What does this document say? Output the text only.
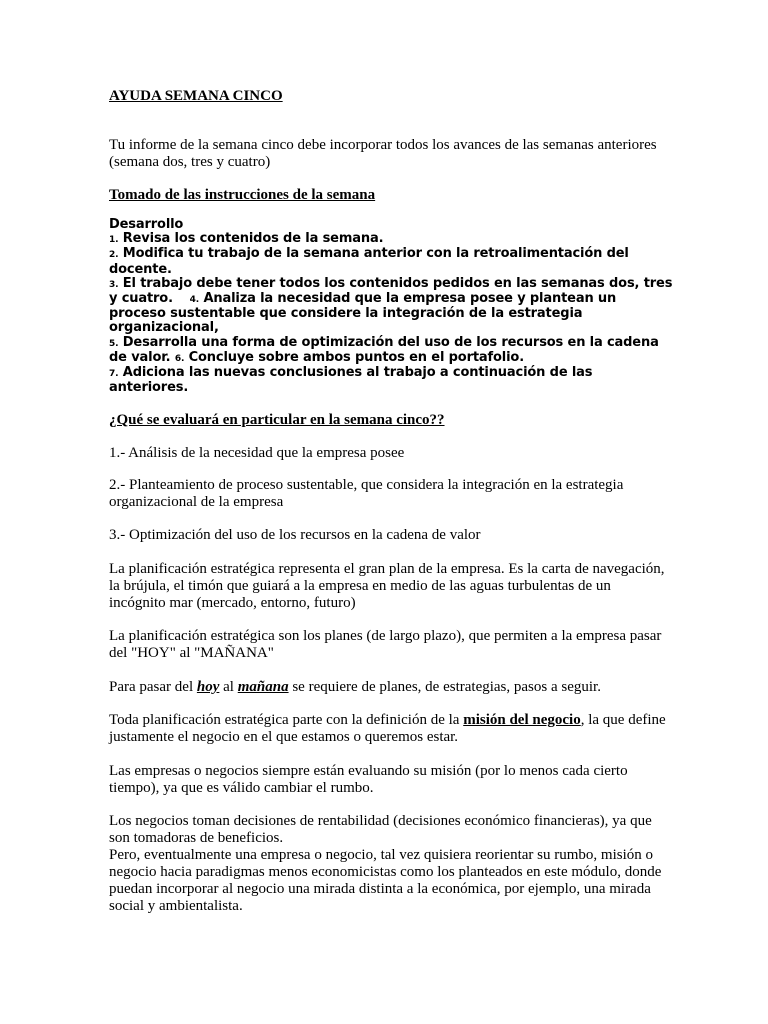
AYUDA SEMANA CINCO

Tu informe de la semana cinco debe incorporar todos los avances de las semanas anteriores (semana dos, tres y cuatro)

Tomado de las instrucciones de la semana

Desarrollo
1. Revisa los contenidos de la semana.
2. Modifica tu trabajo de la semana anterior con la retroalimentación del docente.
3. El trabajo debe tener todos los contenidos pedidos en las semanas dos, tres y cuatro. 4. Analiza la necesidad que la empresa posee y plantean un proceso sustentable que considere la integración de la estrategia organizacional,
5. Desarrolla una forma de optimización del uso de los recursos en la cadena de valor. 6. Concluye sobre ambos puntos en el portafolio.
7. Adiciona las nuevas conclusiones al trabajo a continuación de las anteriores.

¿Qué se evaluará en particular en la semana cinco??

1.- Análisis de la necesidad que la empresa posee

2.- Planteamiento de proceso sustentable, que considera la integración en la estrategia organizacional de la empresa

3.- Optimización del uso de los recursos en la cadena de valor

La planificación estratégica representa el gran plan de la empresa. Es la carta de navegación, la brújula, el timón que guiará a la empresa en medio de las aguas turbulentas de un incógnito mar (mercado, entorno, futuro)

La planificación estratégica son los planes (de largo plazo), que permiten a la empresa pasar del "HOY" al "MAÑANA"

Para pasar del hoy al mañana se requiere de planes, de estrategias, pasos a seguir.

Toda planificación estratégica parte con la definición de la misión del negocio, la que define justamente el negocio en el que estamos o queremos estar.

Las empresas o negocios siempre están evaluando su misión (por lo menos cada cierto tiempo), ya que es válido cambiar el rumbo.

Los negocios toman decisiones de rentabilidad (decisiones económico financieras), ya que son tomadoras de beneficios.

Pero, eventualmente una empresa o negocio, tal vez quisiera reorientar su rumbo, misión o negocio hacia paradigmas menos economicistas como los planteados en este módulo, donde puedan incorporar al negocio una mirada distinta a la económica, por ejemplo, una mirada social y ambientalista.
